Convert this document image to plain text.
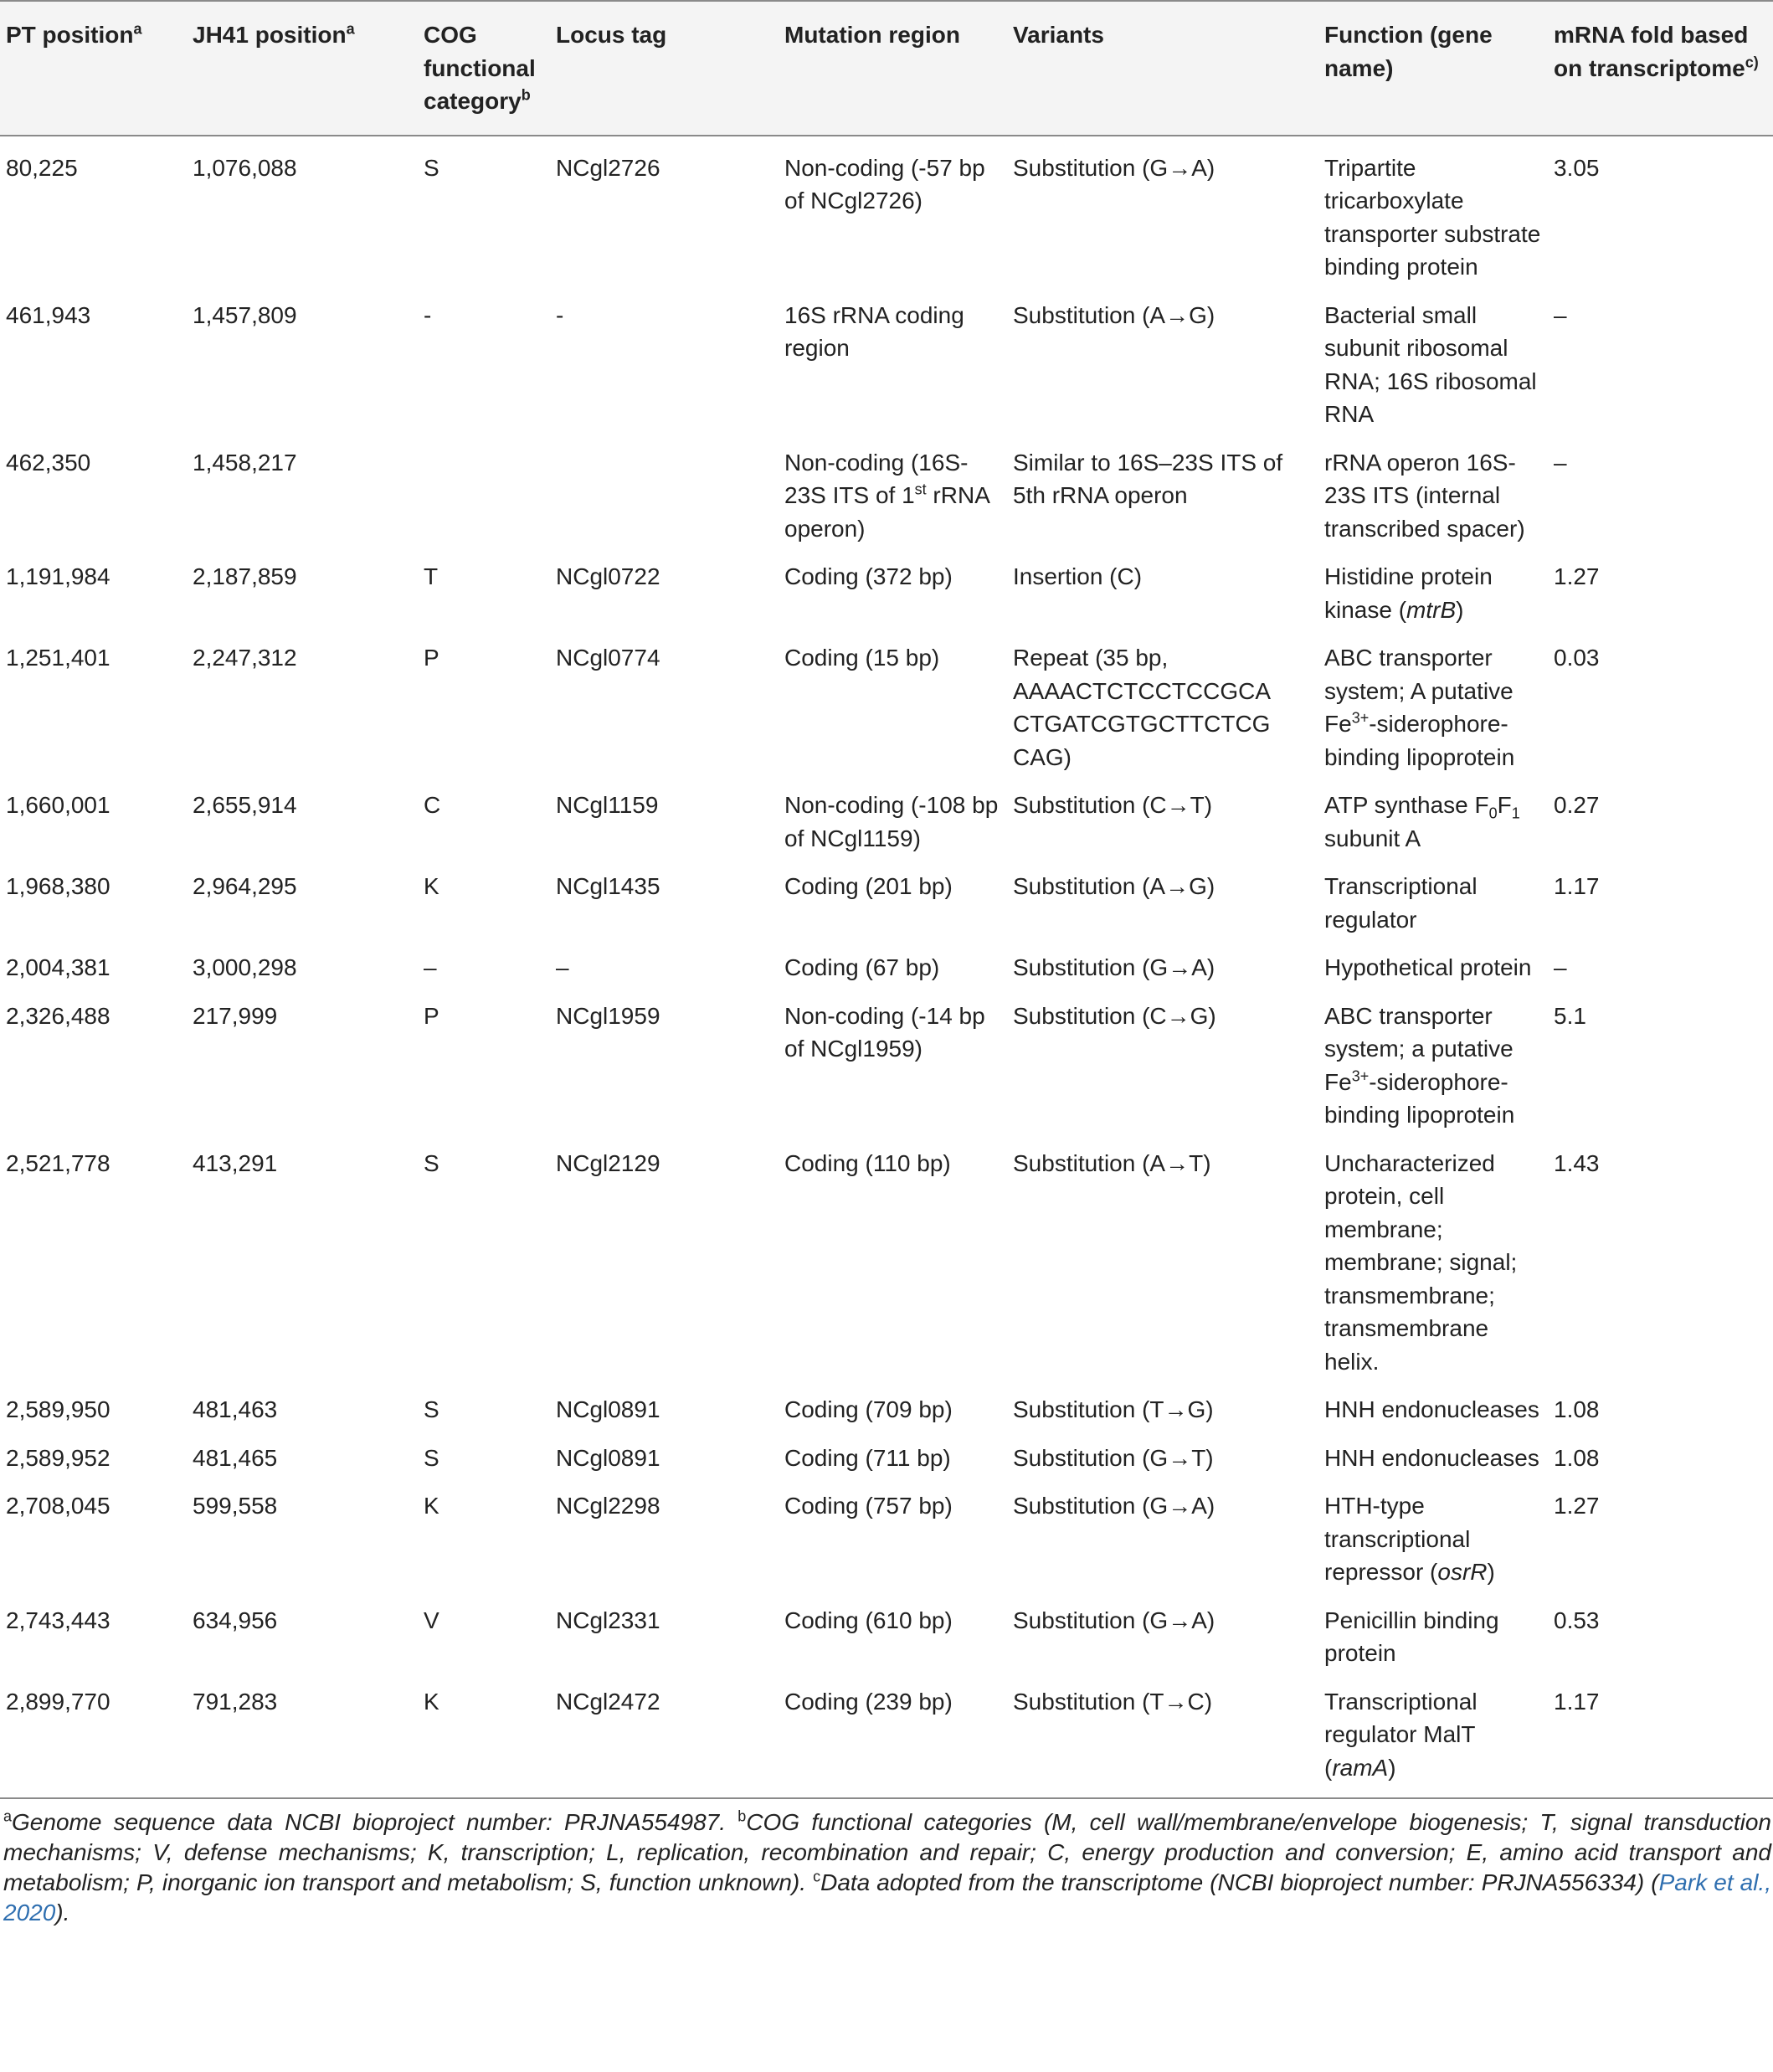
PT position$^a$	JH41 position$^a$	COG functional category$^b$	Locus tag	Mutation region	Variants	Function (gene name)	mRNA fold based on transcriptome$^{c)}$
80,225	1,076,088	S	NCgl2726	Non-coding (-57 bp of NCgl2726)	Substitution (G→A)	Tripartite tricarboxylate transporter substrate binding protein	3.05
461,943	1,457,809	-	-	16S rRNA coding region	Substitution (A→G)	Bacterial small subunit ribosomal RNA; 16S ribosomal RNA	–
462,350	1,458,217			Non-coding (16S-23S ITS of 1st rRNA operon)	Similar to 16S–23S ITS of 5th rRNA operon	rRNA operon 16S-23S ITS (internal transcribed spacer)	–
1,191,984	2,187,859	T	NCgl0722	Coding (372 bp)	Insertion (C)	Histidine protein kinase (mtrB)	1.27
1,251,401	2,247,312	P	NCgl0774	Coding (15 bp)	Repeat (35 bp, AAAACTCTCCTCCGCA CTGATCGTGCTTCTCG CAG)	ABC transporter system; A putative $Fe^{3+}-siderophore$-binding lipoprotein	0.03
1,660,001	2,655,914	C	NCgl1159	Non-coding (-108 bp of NCgl1159)	Substitution (C→T)	ATP synthase $F_0F_1$ subunit A	0.27
1,968,380	2,964,295	K	NCgl1435	Coding (201 bp)	Substitution (A→G)	Transcriptional regulator	1.17
2,004,381	3,000,298	–	–	Coding (67 bp)	Substitution (G→A)	Hypothetical protein	–
2,326,488	217,999	P	NCgl1959	Non-coding (-14 bp of NCgl1959)	Substitution (C→G)	ABC transporter system; a putative $Fe^{3+}-siderophore$-binding lipoprotein	5.1
2,521,778	413,291	S	NCgl2129	Coding (110 bp)	Substitution (A→T)	Uncharacterized protein, cell membrane; membrane; signal; transmembrane; transmembrane helix.	1.43
2,589,950	481,463	S	NCgl0891	Coding (709 bp)	Substitution (T→G)	HNH endonucleases	1.08
2,589,952	481,465	S	NCgl0891	Coding (711 bp)	Substitution (G→T)	HNH endonucleases	1.08
2,708,045	599,558	K	NCgl2298	Coding (757 bp)	Substitution (G→A)	HTH-type transcriptional repressor (osrR)	1.27
2,743,443	634,956	V	NCgl2331	Coding (610 bp)	Substitution (G→A)	Penicillin binding protein	0.53
2,899,770	791,283	K	NCgl2472	Coding (239 bp)	Substitution (T→C)	Transcriptional regulator MalT (ramA)	1.17
$^a$Genome sequence data NCBI bioproject number: PRJNA554987. $^b$COG functional categories (M, cell wall/membrane/envelope biogenesis; T, signal transduction mechanisms; V, defense mechanisms; K, transcription; L, replication, recombination and repair; C, energy production and conversion; E, amino acid transport and metabolism; P, inorganic ion transport and metabolism; S, function unknown). $^c$Data adopted from the transcriptome (NCBI bioproject number: PRJNA556334) (Park et al., 2020).
